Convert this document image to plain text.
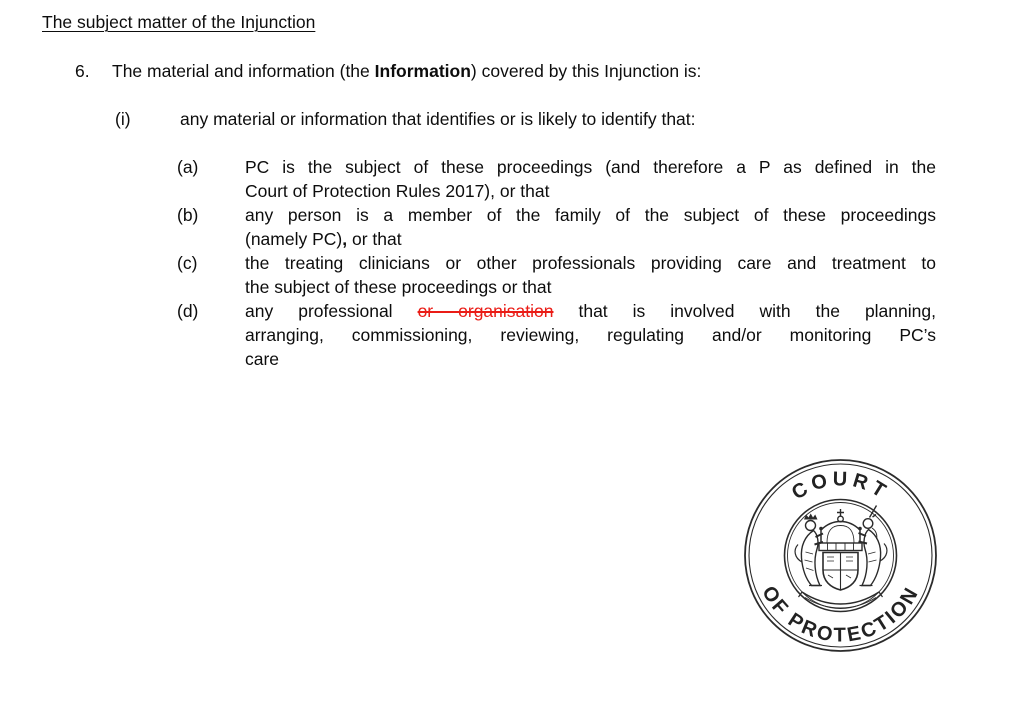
The subject matter of the Injunction
6. The material and information (the Information) covered by this Injunction is:
(i)	any material or information that identifies or is likely to identify that:
(a)	PC is the subject of these proceedings (and therefore a P as defined in the
Court of Protection Rules 2017), or that
(b)	any person is a member of the family of the subject of these proceedings
(namely PC), or that
(c)	the treating clinicians or other professionals providing care and treatment to
the subject of these proceedings or that
(d)	any professional or organisation that is involved with the planning,
arranging, commissioning, reviewing, regulating and/or monitoring PC’s
care
COURT
OF PROTECTION
